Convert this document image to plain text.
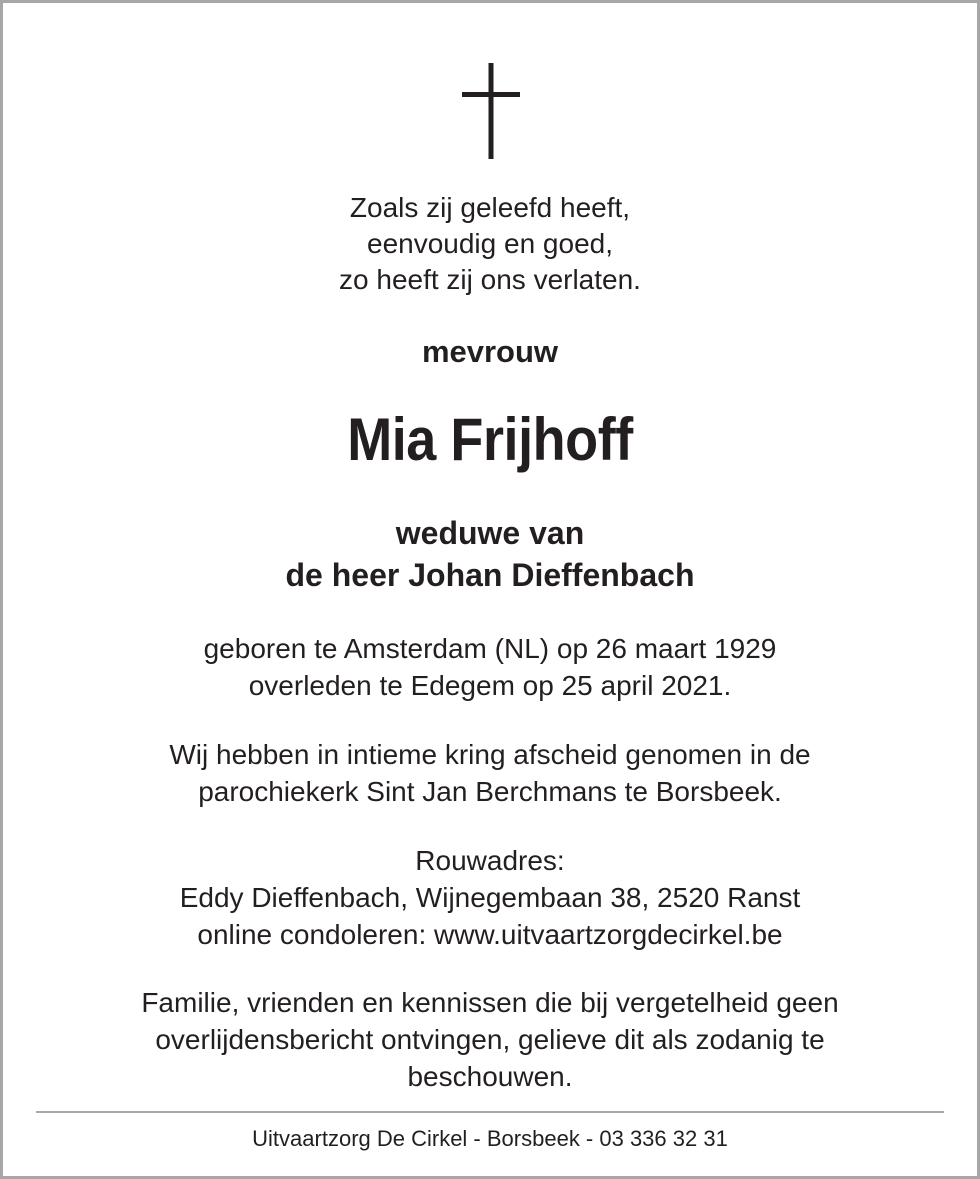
Zoals zij geleefd heeft,
eenvoudig en goed,
zo heeft zij ons verlaten.
mevrouw
Mia Frijhoff
weduwe van
de heer Johan Dieffenbach
geboren te Amsterdam (NL) op 26 maart 1929
overleden te Edegem op 25 april 2021.
Wij hebben in intieme kring afscheid genomen in de
parochiekerk Sint Jan Berchmans te Borsbeek.
Rouwadres:
Eddy Dieffenbach, Wijnegembaan 38, 2520 Ranst
online condoleren: www.uitvaartzorgdecirkel.be
Familie, vrienden en kennissen die bij vergetelheid geen
overlijdensbericht ontvingen, gelieve dit als zodanig te
beschouwen.
Uitvaartzorg De Cirkel - Borsbeek - 03 336 32 31
